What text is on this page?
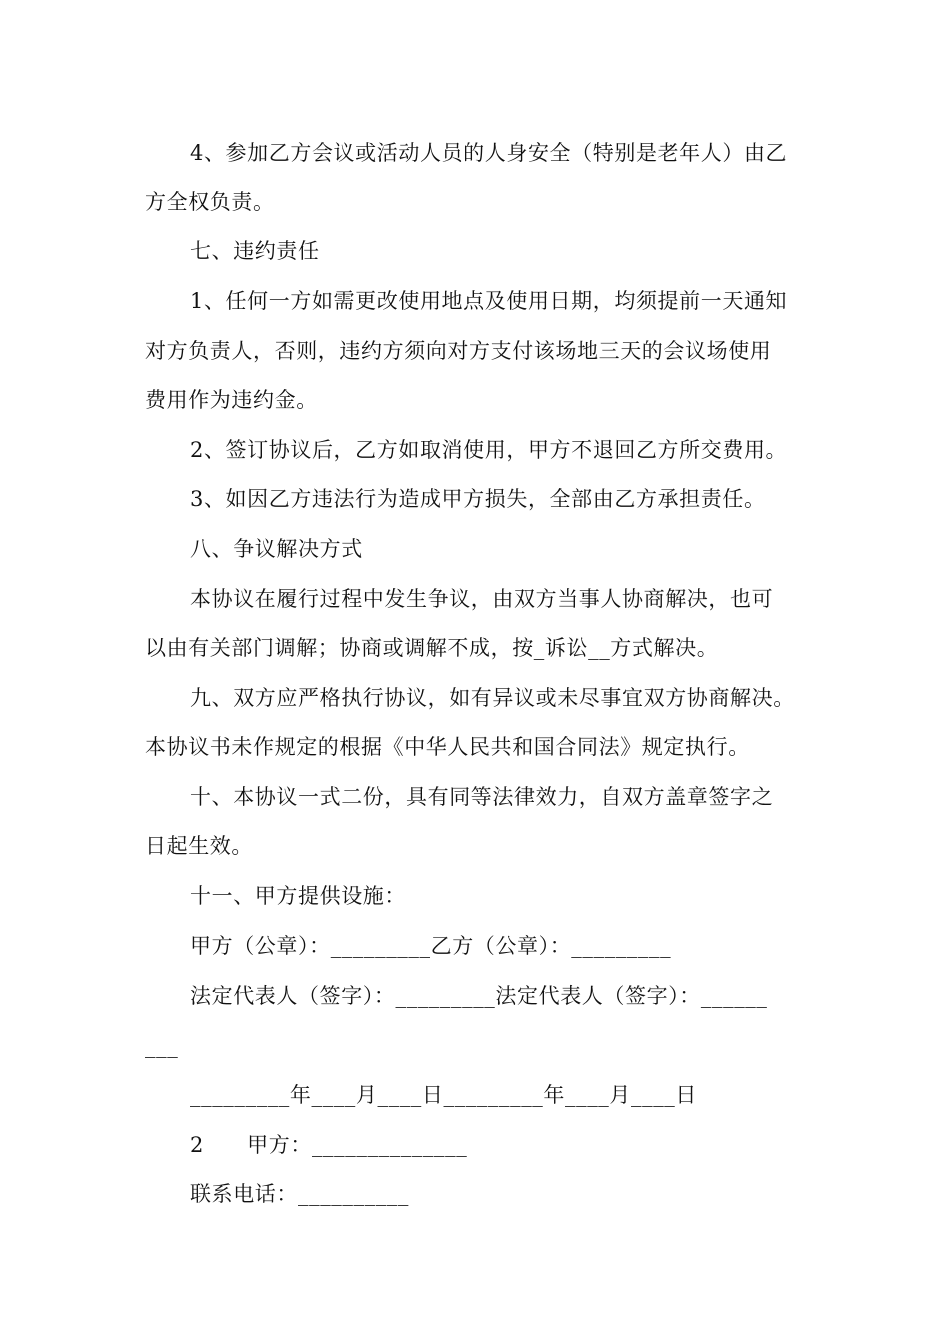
4、参加乙方会议或活动人员的人身安全（特别是老年人）由乙
方全权负责。
七、违约责任
1、任何一方如需更改使用地点及使用日期，均须提前一天通知
对方负责人，否则，违约方须向对方支付该场地三天的会议场使用
费用作为违约金。
2、签订协议后，乙方如取消使用，甲方不退回乙方所交费用。
3、如因乙方违法行为造成甲方损失，全部由乙方承担责任。
八、争议解决方式
本协议在履行过程中发生争议，由双方当事人协商解决，也可
以由有关部门调解；协商或调解不成，按_诉讼__方式解决。
九、双方应严格执行协议，如有异议或未尽事宜双方协商解决。
本协议书未作规定的根据《中华人民共和国合同法》规定执行。
十、本协议一式二份，具有同等法律效力，自双方盖章签字之
日起生效。
十一、甲方提供设施：
甲方（公章）：_________乙方（公章）：_________
法定代表人（签字）：_________法定代表人（签字）：______
___
_________年____月____日_________年____月____日
2　　甲方：______________
联系电话：__________
